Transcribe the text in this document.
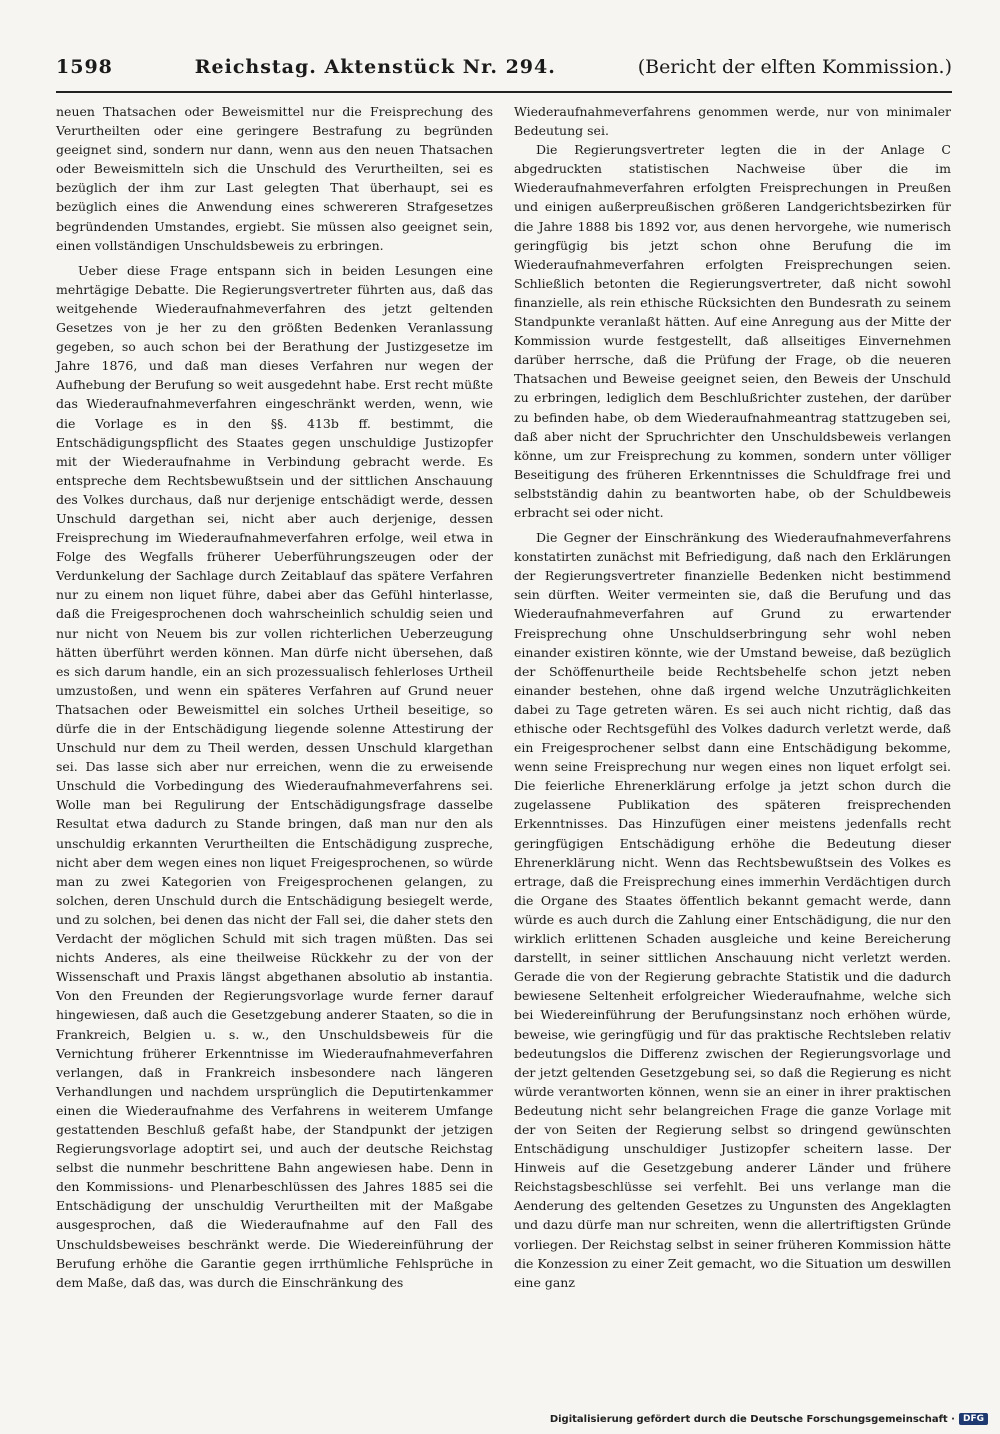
1598	Reichstag. Aktenstück Nr. 294.	(Bericht der elften Kommission.)

neuen Thatsachen oder Beweismittel nur die Freisprechung des Verurtheilten oder eine geringere Bestrafung zu begründen geeignet sind, sondern nur dann, wenn aus den neuen Thatsachen oder Beweismitteln sich die Unschuld des Verurtheilten, sei es bezüglich der ihm zur Last gelegten That überhaupt, sei es bezüglich eines die Anwendung eines schwereren Strafgesetzes begründenden Umstandes, ergiebt. Sie müssen also geeignet sein, einen vollständigen Unschuldsbeweis zu erbringen.

Ueber diese Frage entspann sich in beiden Lesungen eine mehrtägige Debatte. Die Regierungsvertreter führten aus, daß das weitgehende Wiederaufnahmeverfahren des jetzt geltenden Gesetzes von je her zu den größten Bedenken Veranlassung gegeben, so auch schon bei der Berathung der Justizgesetze im Jahre 1876, und daß man dieses Verfahren nur wegen der Aufhebung der Berufung so weit ausgedehnt habe. Erst recht müßte das Wiederaufnahmeverfahren eingeschränkt werden, wenn, wie die Vorlage es in den §§. 413b ff. bestimmt, die Entschädigungspflicht des Staates gegen unschuldige Justizopfer mit der Wiederaufnahme in Verbindung gebracht werde. Es entspreche dem Rechtsbewußtsein und der sittlichen Anschauung des Volkes durchaus, daß nur derjenige entschädigt werde, dessen Unschuld dargethan sei, nicht aber auch derjenige, dessen Freisprechung im Wiederaufnahmeverfahren erfolge, weil etwa in Folge des Wegfalls früherer Ueberführungszeugen oder der Verdunkelung der Sachlage durch Zeitablauf das spätere Verfahren nur zu einem non liquet führe, dabei aber das Gefühl hinterlasse, daß die Freigesprochenen doch wahrscheinlich schuldig seien und nur nicht von Neuem bis zur vollen richterlichen Ueberzeugung hätten überführt werden können. Man dürfe nicht übersehen, daß es sich darum handle, ein an sich prozessualisch fehlerloses Urtheil umzustoßen, und wenn ein späteres Verfahren auf Grund neuer Thatsachen oder Beweismittel ein solches Urtheil beseitige, so dürfe die in der Entschädigung liegende solenne Attestirung der Unschuld nur dem zu Theil werden, dessen Unschuld klargethan sei. Das lasse sich aber nur erreichen, wenn die zu erweisende Unschuld die Vorbedingung des Wiederaufnahmeverfahrens sei. Wolle man bei Regulirung der Entschädigungsfrage dasselbe Resultat etwa dadurch zu Stande bringen, daß man nur den als unschuldig erkannten Verurtheilten die Entschädigung zuspreche, nicht aber dem wegen eines non liquet Freigesprochenen, so würde man zu zwei Kategorien von Freigesprochenen gelangen, zu solchen, deren Unschuld durch die Entschädigung besiegelt werde, und zu solchen, bei denen das nicht der Fall sei, die daher stets den Verdacht der möglichen Schuld mit sich tragen müßten. Das sei nichts Anderes, als eine theilweise Rückkehr zu der von der Wissenschaft und Praxis längst abgethanen absolutio ab instantia. Von den Freunden der Regierungsvorlage wurde ferner darauf hingewiesen, daß auch die Gesetzgebung anderer Staaten, so die in Frankreich, Belgien u. s. w., den Unschuldsbeweis für die Vernichtung früherer Erkenntnisse im Wiederaufnahmeverfahren verlangen, daß in Frankreich insbesondere nach längeren Verhandlungen und nachdem ursprünglich die Deputirtenkammer einen die Wiederaufnahme des Verfahrens in weiterem Umfange gestattenden Beschluß gefaßt habe, der Standpunkt der jetzigen Regierungsvorlage adoptirt sei, und auch der deutsche Reichstag selbst die nunmehr beschrittene Bahn angewiesen habe. Denn in den Kommissions- und Plenarbeschlüssen des Jahres 1885 sei die Entschädigung der unschuldig Verurtheilten mit der Maßgabe ausgesprochen, daß die Wiederaufnahme auf den Fall des Unschuldsbeweises beschränkt werde. Die Wiedereinführung der Berufung erhöhe die Garantie gegen irrthümliche Fehlsprüche in dem Maße, daß das, was durch die Einschränkung des

Wiederaufnahmeverfahrens genommen werde, nur von minimaler Bedeutung sei.

Die Regierungsvertreter legten die in der Anlage C abgedruckten statistischen Nachweise über die im Wiederaufnahmeverfahren erfolgten Freisprechungen in Preußen und einigen außerpreußischen größeren Landgerichtsbezirken für die Jahre 1888 bis 1892 vor, aus denen hervorgehe, wie numerisch geringfügig bis jetzt schon ohne Berufung die im Wiederaufnahmeverfahren erfolgten Freisprechungen seien. Schließlich betonten die Regierungsvertreter, daß nicht sowohl finanzielle, als rein ethische Rücksichten den Bundesrath zu seinem Standpunkte veranlaßt hätten. Auf eine Anregung aus der Mitte der Kommission wurde festgestellt, daß allseitiges Einvernehmen darüber herrsche, daß die Prüfung der Frage, ob die neueren Thatsachen und Beweise geeignet seien, den Beweis der Unschuld zu erbringen, lediglich dem Beschlußrichter zustehen, der darüber zu befinden habe, ob dem Wiederaufnahmeantrag stattzugeben sei, daß aber nicht der Spruchrichter den Unschuldsbeweis verlangen könne, um zur Freisprechung zu kommen, sondern unter völliger Beseitigung des früheren Erkenntnisses die Schuldfrage frei und selbstständig dahin zu beantworten habe, ob der Schuldbeweis erbracht sei oder nicht.

Die Gegner der Einschränkung des Wiederaufnahmeverfahrens konstatirten zunächst mit Befriedigung, daß nach den Erklärungen der Regierungsvertreter finanzielle Bedenken nicht bestimmend sein dürften. Weiter vermeinten sie, daß die Berufung und das Wiederaufnahmeverfahren auf Grund zu erwartender Freisprechung ohne Unschuldserbringung sehr wohl neben einander existiren könnte, wie der Umstand beweise, daß bezüglich der Schöffenurtheile beide Rechtsbehelfe schon jetzt neben einander bestehen, ohne daß irgend welche Unzuträglichkeiten dabei zu Tage getreten wären. Es sei auch nicht richtig, daß das ethische oder Rechtsgefühl des Volkes dadurch verletzt werde, daß ein Freigesprochener selbst dann eine Entschädigung bekomme, wenn seine Freisprechung nur wegen eines non liquet erfolgt sei. Die feierliche Ehrenerklärung erfolge ja jetzt schon durch die zugelassene Publikation des späteren freisprechenden Erkenntnisses. Das Hinzufügen einer meistens jedenfalls recht geringfügigen Entschädigung erhöhe die Bedeutung dieser Ehrenerklärung nicht. Wenn das Rechtsbewußtsein des Volkes es ertrage, daß die Freisprechung eines immerhin Verdächtigen durch die Organe des Staates öffentlich bekannt gemacht werde, dann würde es auch durch die Zahlung einer Entschädigung, die nur den wirklich erlittenen Schaden ausgleiche und keine Bereicherung darstellt, in seiner sittlichen Anschauung nicht verletzt werden. Gerade die von der Regierung gebrachte Statistik und die dadurch bewiesene Seltenheit erfolgreicher Wiederaufnahme, welche sich bei Wiedereinführung der Berufungsinstanz noch erhöhen würde, beweise, wie geringfügig und für das praktische Rechtsleben relativ bedeutungslos die Differenz zwischen der Regierungsvorlage und der jetzt geltenden Gesetzgebung sei, so daß die Regierung es nicht würde verantworten können, wenn sie an einer in ihrer praktischen Bedeutung nicht sehr belangreichen Frage die ganze Vorlage mit der von Seiten der Regierung selbst so dringend gewünschten Entschädigung unschuldiger Justizopfer scheitern lasse. Der Hinweis auf die Gesetzgebung anderer Länder und frühere Reichstagsbeschlüsse sei verfehlt. Bei uns verlange man die Aenderung des geltenden Gesetzes zu Ungunsten des Angeklagten und dazu dürfe man nur schreiten, wenn die allertriftigsten Gründe vorliegen. Der Reichstag selbst in seiner früheren Kommission hätte die Konzession zu einer Zeit gemacht, wo die Situation um deswillen eine ganz

Digitalisierung gefördert durch die Deutsche Forschungsgemeinschaft · DFG
